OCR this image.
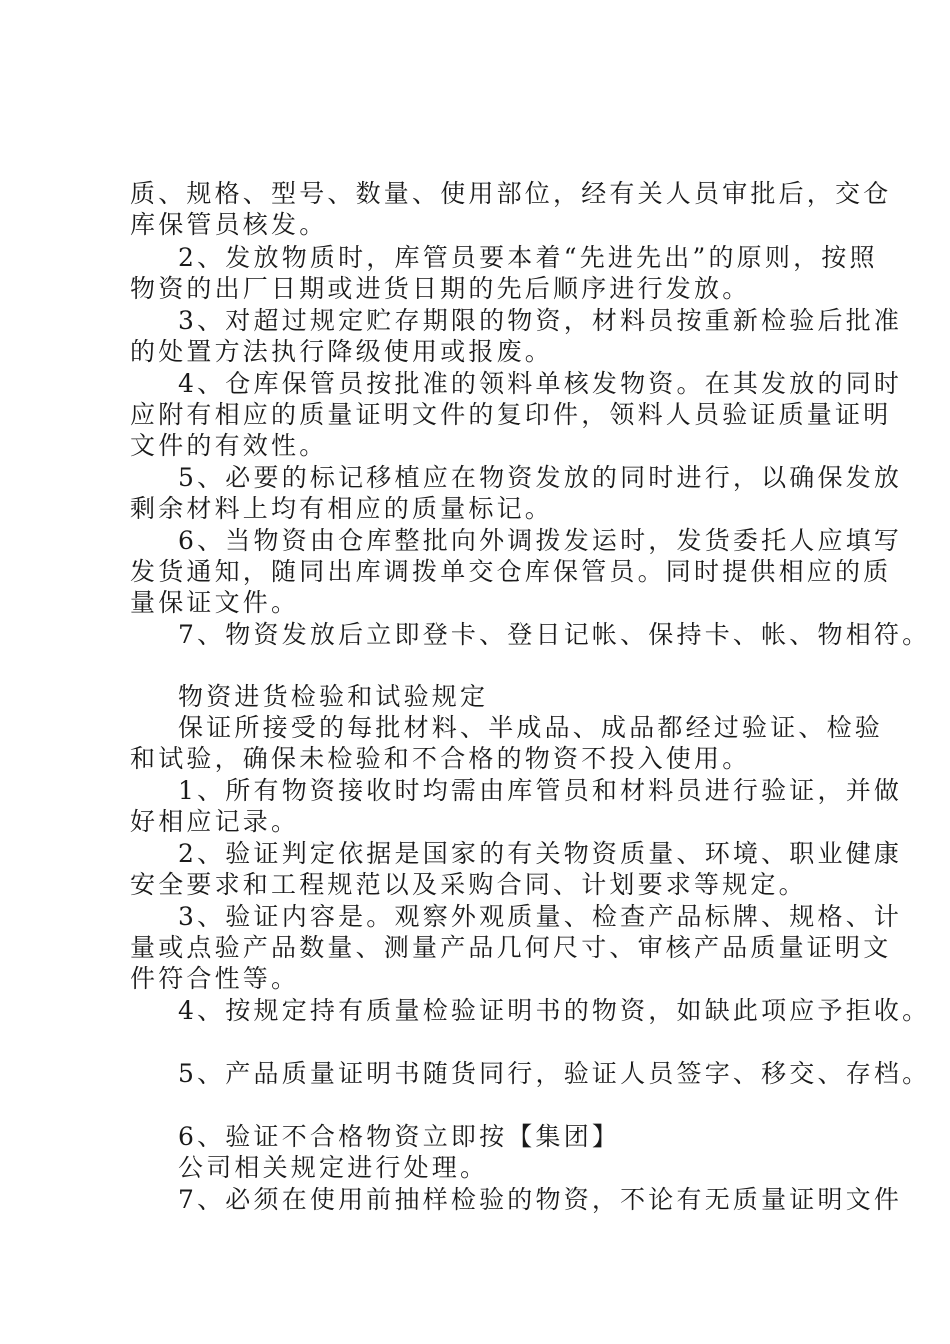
质、规格、型号、数量、使用部位，经有关人员审批后，交仓
库保管员核发。
2、发放物质时，库管员要本着“先进先出”的原则，按照
物资的出厂日期或进货日期的先后顺序进行发放。
3、对超过规定贮存期限的物资，材料员按重新检验后批准
的处置方法执行降级使用或报废。
4、仓库保管员按批准的领料单核发物资。在其发放的同时
应附有相应的质量证明文件的复印件，领料人员验证质量证明
文件的有效性。
5、必要的标记移植应在物资发放的同时进行，以确保发放
剩余材料上均有相应的质量标记。
6、当物资由仓库整批向外调拨发运时，发货委托人应填写
发货通知，随同出库调拨单交仓库保管员。同时提供相应的质
量保证文件。
7、物资发放后立即登卡、登日记帐、保持卡、帐、物相符。
物资进货检验和试验规定
保证所接受的每批材料、半成品、成品都经过验证、检验
和试验，确保未检验和不合格的物资不投入使用。
1、所有物资接收时均需由库管员和材料员进行验证，并做
好相应记录。
2、验证判定依据是国家的有关物资质量、环境、职业健康
安全要求和工程规范以及采购合同、计划要求等规定。
3、验证内容是。观察外观质量、检查产品标牌、规格、计
量或点验产品数量、测量产品几何尺寸、审核产品质量证明文
件符合性等。
4、按规定持有质量检验证明书的物资，如缺此项应予拒收。
5、产品质量证明书随货同行，验证人员签字、移交、存档。
6、验证不合格物资立即按【集团】
公司相关规定进行处理。
7、必须在使用前抽样检验的物资，不论有无质量证明文件
